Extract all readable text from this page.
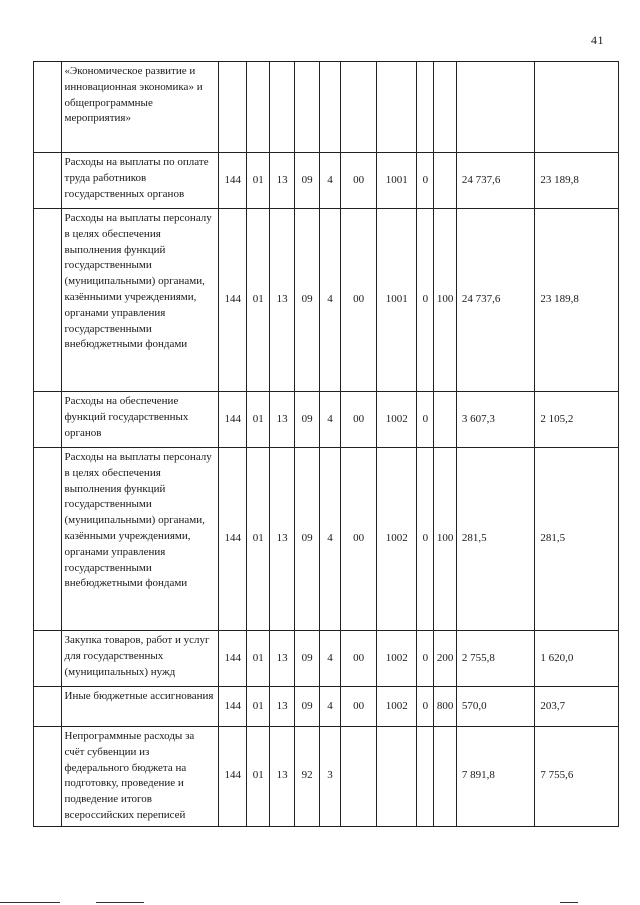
41
	«Экономическое развитие и инновационная экономика» и общепрограммные мероприятия»											
	Расходы на выплаты по оплате труда работников государственных органов	144	01	13	09	4	00	1001	0		24 737,6	23 189,8
	Расходы на выплаты персоналу в целях обеспечения выполнения функций государственными (муниципальными) органами, казённыими учреждениями, органами управления государственными внебюджетными фондами	144	01	13	09	4	00	1001	0	100	24 737,6	23 189,8
	Расходы на обеспечение функций государственных органов	144	01	13	09	4	00	1002	0		3 607,3	2 105,2
	Расходы на выплаты персоналу в целях обеспечения выполнения функций государственными (муниципальными) органами, казёнными учреждениями, органами управления государственными внебюджетными фондами	144	01	13	09	4	00	1002	0	100	281,5	281,5
	Закупка товаров, работ и услуг для государственных (муниципальных) нужд	144	01	13	09	4	00	1002	0	200	2 755,8	1 620,0
	Иные бюджетные ассигнования	144	01	13	09	4	00	1002	0	800	570,0	203,7
	Непрограммные расходы за счёт субвенции из федерального бюджета на подготовку, проведение и подведение итогов всероссийских переписей	144	01	13	92	3					7 891,8	7 755,6
